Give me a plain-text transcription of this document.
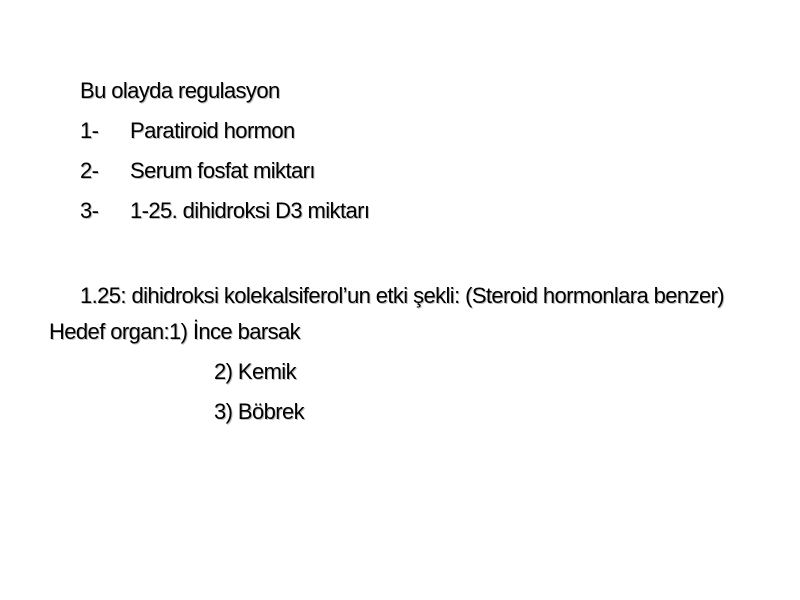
Bu olayda regulasyon
1- Paratiroid hormon
2- Serum fosfat miktarı
3- 1-25. dihidroksi D3 miktarı
1.25: dihidroksi kolekalsiferol’un etki şekli: (Steroid hormonlara benzer)
Hedef organ:1) İnce barsak
2) Kemik
3) Böbrek
